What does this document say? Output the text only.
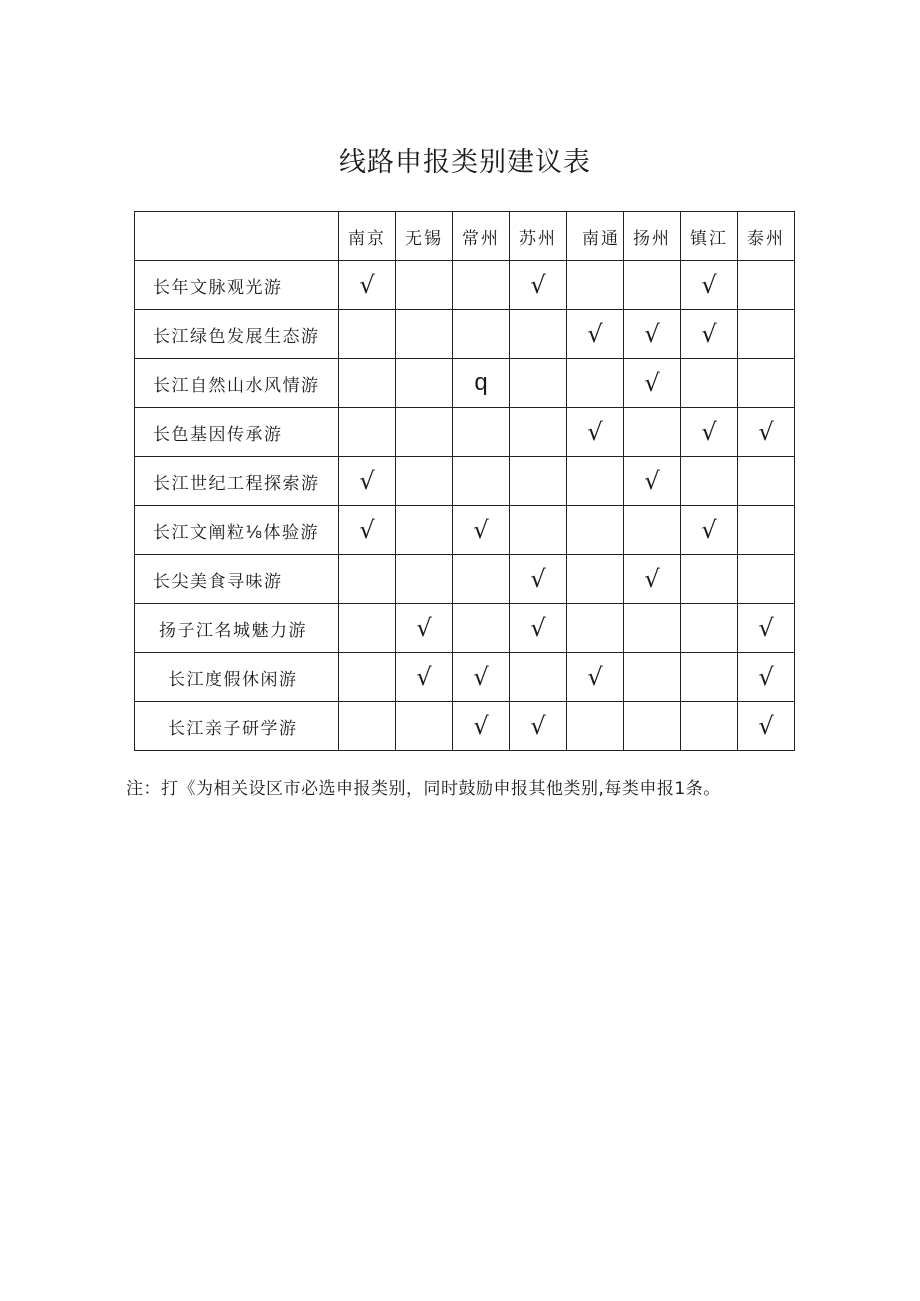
线路申报类别建议表
	南京	无锡	常州	苏州	南通	扬州	镇江	泰州
长年文脉观光游	√			√			√	
长江绿色发展生态游					√	√	√	
长江自然山水风情游			q			√		
长色基因传承游					√		√	√
长江世纪工程探索游	√					√		
长江文阐粒⅛体验游	√		√				√	
长尖美食寻味游				√		√		
扬子江名城魅力游		√		√				√
长江度假休闲游		√	√		√			√
长江亲子研学游			√	√				√
注：打《为相关设区市必选申报类别，同时鼓励申报其他类别,每类申报1条。
